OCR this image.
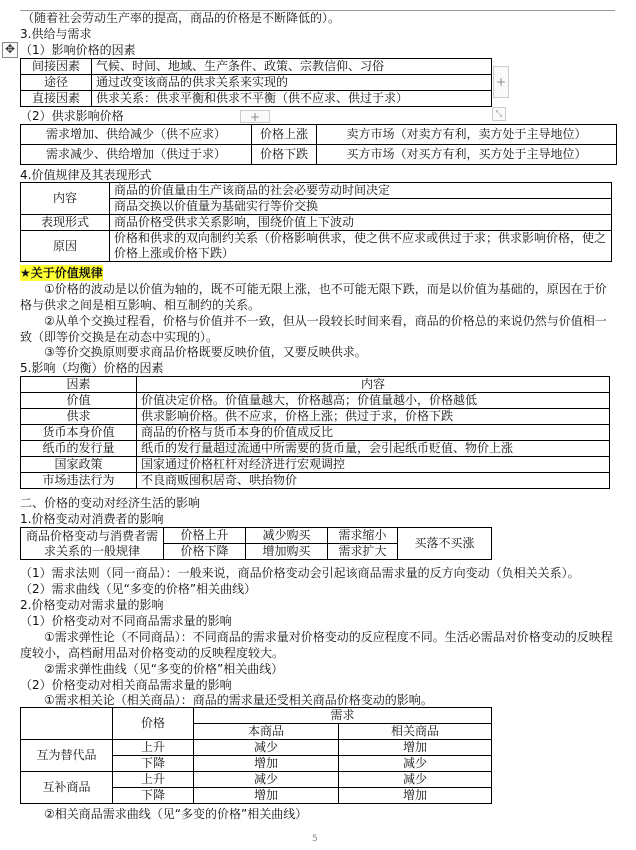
（随着社会劳动生产率的提高，商品的价格是不断降低的）。
3.供给与需求
✥ （1）影响价格的因素
间接因素	气候、时间、地域、生产条件、政策、宗教信仰、习俗
途径	通过改变该商品的供求关系来实现的
直接因素	供求关系：供求平衡和供求不平衡（供不应求、供过于求）
+
（2）供求影响价格	+	⤡
需求增加、供给减少（供不应求）	价格上涨	卖方市场（对卖方有利，卖方处于主导地位）
需求减少、供给增加（供过于求）	价格下跌	买方市场（对买方有利，买方处于主导地位）
4.价值规律及其表现形式
内容	商品的价值量由生产该商品的社会必要劳动时间决定
	商品交换以价值量为基础实行等价交换
表现形式	商品价格受供求关系影响，围绕价值上下波动
原因	价格和供求的双向制约关系（价格影响供求，使之供不应求或供过于求；供求影响价格，使之价格上涨或价格下跌）
★关于价值规律
①价格的波动是以价值为轴的，既不可能无限上涨，也不可能无限下跌，而是以价值为基础的，原因在于价格与供求之间是相互影响、相互制约的关系。
②从单个交换过程看，价格与价值并不一致，但从一段较长时间来看，商品的价格总的来说仍然与价值相一致（即等价交换是在动态中实现的）。
③等价交换原则要求商品价格既要反映价值，又要反映供求。
5.影响（均衡）价格的因素
因素	内容
价值	价值决定价格。价值量越大，价格越高；价值量越小，价格越低
供求	供求影响价格。供不应求，价格上涨；供过于求，价格下跌
货币本身价值	商品的价格与货币本身的价值成反比
纸币的发行量	纸币的发行量超过流通中所需要的货币量，会引起纸币贬值、物价上涨
国家政策	国家通过价格杠杆对经济进行宏观调控
市场违法行为	不良商贩囤积居奇、哄抬物价
二、价格的变动对经济生活的影响
1.价格变动对消费者的影响
商品价格变动与消费者需求关系的一般规律	价格上升	减少购买	需求缩小	买落不买涨
	价格下降	增加购买	需求扩大	
（1）需求法则（同一商品）：一般来说，商品价格变动会引起该商品需求量的反方向变动（负相关关系）。
（2）需求曲线（见“多变的价格”相关曲线）
2.价格变动对需求量的影响
（1）价格变动对不同商品需求量的影响
①需求弹性论（不同商品）：不同商品的需求量对价格变动的反应程度不同。生活必需品对价格变动的反映程度较小，高档耐用品对价格变动的反映程度较大。
②需求弹性曲线（见“多变的价格”相关曲线）
（2）价格变动对相关商品需求量的影响
①需求相关论（相关商品）：商品的需求量还受相关商品价格变动的影响。
	价格	需求	
		本商品	相关商品
互为替代品	上升	减少	增加
	下降	增加	减少
互补商品	上升	减少	减少
	下降	增加	增加
②相关商品需求曲线（见“多变的价格”相关曲线）
5
